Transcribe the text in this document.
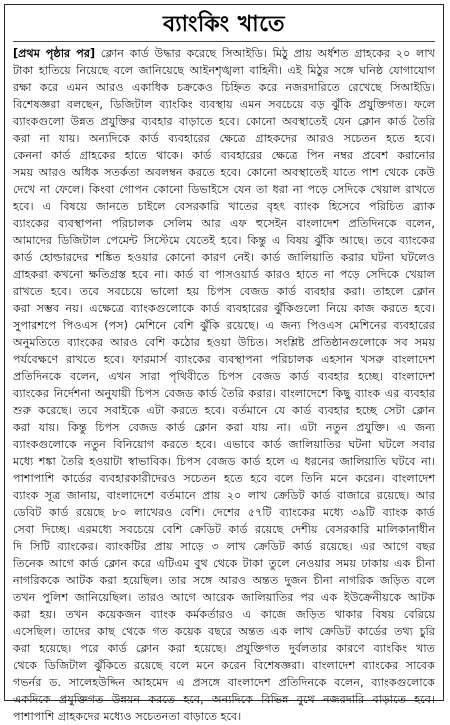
ব্যাংকিং খাতে
[প্রথম পৃষ্ঠার পর] ক্লোন কার্ড উদ্ধার করেছে সিআইডি। মিঠু প্রায় অর্ধশত গ্রাহকের ২০ লাখ
টাকা হাতিয়ে নিয়েছে বলে জানিয়েছে আইনশৃঙ্খলা বাহিনী। এই মিঠুর সঙ্গে ঘনিষ্ঠ যোগাযোগ
রক্ষা করে এমন আরও একাধিক চক্রকেও চিহ্নিত করে নজরদারিতে রেখেছে সিআইডি।
বিশেষজ্ঞরা বলছেন, ডিজিটাল ব্যাংকিং ব্যবস্থায় এমন সবচেয়ে বড় ঝুঁকি প্রযুক্তিগত। ফলে
ব্যাংকগুলো উন্নত প্রযুক্তির ব্যবহার বাড়াতে হবে। কোনো অবস্থাতেই যেন ক্লোন কার্ড তৈরি
করা না যায়। অন্যদিকে কার্ড ব্যবহারের ক্ষেত্রে গ্রাহকদের আরও সচেতন হতে হবে।
কেননা কার্ড গ্রাহকের হাতে থাকে। কার্ড ব্যবহারের ক্ষেত্রে পিন নম্বর প্রবেশ করানোর
সময় আরও অধিক সতর্কতা অবলম্বন করতে হবে। কোনো অবস্থাতেই যাতে পাশ থেকে কেউ
দেখে না ফেলে। কিংবা গোপন কোনো ডিভাইসে যেন তা ধরা না পড়ে সেদিকে খেয়াল রাখতে
হবে। এ বিষয়ে জানতে চাইলে বেসরকারি খাতের বৃহৎ ব্যাংক হিসেবে পরিচিত ব্র্যাক
ব্যাংকের ব্যবস্থাপনা পরিচালক সেলিম আর এফ হুসেইন বাংলাদেশ প্রতিদিনকে বলেন,
আমাদের ডিজিটাল পেমেন্ট সিস্টেমে যেতেই হবে। কিন্তু এ বিষয় ঝুঁকি আছে। তবে ব্যাংকের
কার্ড হোল্ডারদের শঙ্কিত হওয়ার কোনো কারণ নেই। কার্ড জালিয়াতি করার ঘটনা ঘটলেও
গ্রাহকরা কখনো ক্ষতিগ্রস্ত হবে না। কার্ড বা পাসওয়ার্ড কারও হাতে না পড়ে সেদিকে খেয়াল
রাখতে হবে। তবে সবচেয়ে ভালো হয় চিপস বেজড কার্ড ব্যবহার করা। তাহলে ক্লোন
করা সম্ভব নয়। এক্ষেত্রে ব্যাংকগুলোকে কার্ড ব্যবহারের ঝুঁকিগুলো নিয়ে কাজ করতে হবে।
সুপারশপে পিওএস (পস) মেশিনে বেশি ঝুঁকি রয়েছে। এ জন্য পিওএস মেশিনের ব্যবহারের
অনুমতিতে ব্যাংকের আরও বেশি কঠোর হওয়া উচিত। সংশ্লিষ্ট প্রতিষ্ঠানগুলোকে সব সময়
পর্যবেক্ষণে রাখতে হবে। ফারমার্স ব্যাংকের ব্যবস্থাপনা পরিচালক এহসান খসরু বাংলাদেশ
প্রতিদিনকে বলেন, এখন সারা পৃথিবীতে চিপস বেজড কার্ড ব্যবহার হচ্ছে। বাংলাদেশ
ব্যাংকের নির্দেশনা অনুযায়ী চিপস বেজড কার্ড তৈরি করার। বাংলাদেশে কিছু ব্যাংক এর ব্যবহার
শুরু করেছে। তবে সবাইকে এটা করতে হবে। বর্তমানে যে কার্ড ব্যবহার হচ্ছে সেটা ক্লোন
করা যায়। কিন্তু চিপস বেজড কার্ড ক্লোন করা যায় না। এটা নতুন প্রযুক্তি। এ জন্য
ব্যাংকগুলোকে নতুন বিনিয়োগ করতে হবে। এভাবে কার্ড জালিয়াতির ঘটনা ঘটলে সবার
মধ্যে শঙ্কা তৈরি হওয়াটা স্বাভাবিক। চিপস বেজড কার্ড হলে এ ধরনের জালিয়াতি ঘটবে না।
পাশাপাশি কার্ডের ব্যবহারকারীদেরও সচেতন হতে হবে বলে তিনি মনে করেন। বাংলাদেশ
ব্যাংক সূত্র জানায়, বাংলাদেশে বর্তমানে প্রায় ২০ লাখ ক্রেডিট কার্ড বাজারে রয়েছে। আর
ডেবিট কার্ড রয়েছে ৮০ লাখেরও বেশি। দেশের ৫৭টি ব্যাংকের মধ্যে ৩৯টি ব্যাংক কার্ড
সেবা দিচ্ছে। এরমধ্যে সবচেয়ে বেশি ক্রেডিট কার্ড রয়েছে দেশীয় বেসরকারি মালিকানাধীন
দি সিটি ব্যাংকের। ব্যাংকটির প্রায় সাড়ে ৩ লাখ ক্রেডিট কার্ড রয়েছে। এর আগে বছর
তিনেক আগে কার্ড ক্লোন করে এটিএম বুথ থেকে টাকা তুলে নেওয়ার সময় ঢাকায় এক চীনা
নাগরিককে আটক করা হয়েছিল। তার সঙ্গে আরও অন্তত দুজন চীনা নাগরিক জড়িত বলে
তখন পুলিশ জানিয়েছিল। তারও আগে আরেক জালিয়াতির পর এক ইউক্রেনীয়কে আটক
করা হয়। তখন কয়েকজন ব্যাংক কর্মকর্তারও এ কাজে জড়িত থাকার বিষয় বেরিয়ে
এসেছিল। তাদের কাছ থেকে গত কয়েক বছরে অন্তত এক লাখ ক্রেডিট কার্ডের তথ্য চুরি
করা হয়েছে। পরে কার্ড ক্লোন করা হয়েছে। প্রযুক্তিগত দুর্বলতার কারণে ব্যাংকিং খাত
থেকে ডিজিটাল ঝুঁকিতে রয়েছে বলে মনে করেন বিশেষজ্ঞরা। বাংলাদেশ ব্যাংকের সাবেক
গভর্নর ড. সালেহউদ্দিন আহমেদ এ প্রসঙ্গে বাংলাদেশ প্রতিদিনকে বলেন, ব্যাংকগুলোকে
একদিকে প্রযুক্তিগত উন্নয়ন করতে হবে, অন্যদিকে বিভিন্ন বুথে নজরদারি বাড়াতে হবে।
পাশাপাশি গ্রাহকদের মধ্যেও সচেতনতা বাড়াতে হবে।
